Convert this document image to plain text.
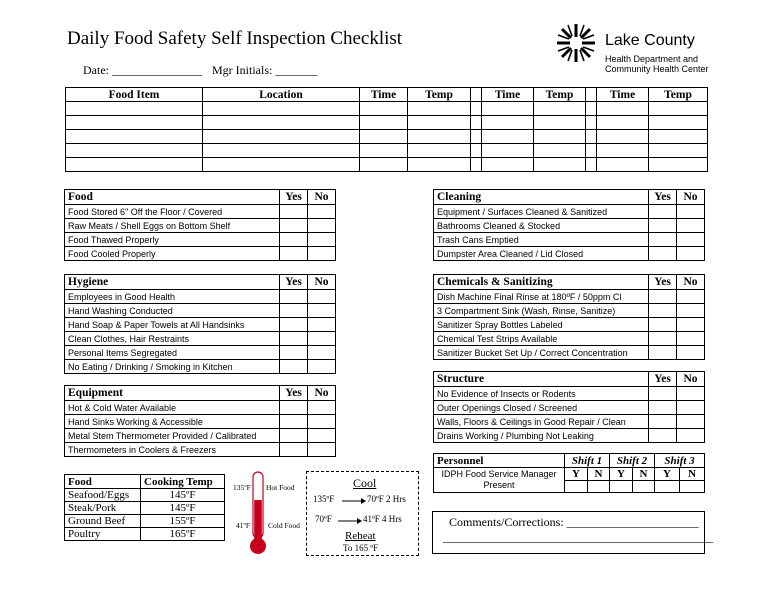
Daily Food Safety Self Inspection Checklist
Date: _______________ Mgr Initials: _______
Lake County
Health Department and
Community Health Center
Food Item	Location	Time	Temp		Time	Temp		Time	Temp

Food	Yes	No
Food Stored 6" Off the Floor / Covered		
Raw Meats / Shell Eggs on Bottom Shelf		
Food Thawed Properly		
Food Cooled Properly		
Hygiene	Yes	No
Employees in Good Health		
Hand Washing Conducted		
Hand Soap & Paper Towels at All Handsinks		
Clean Clothes, Hair Restraints		
Personal Items Segregated		
No Eating / Drinking / Smoking in Kitchen		
Equipment	Yes	No
Hot & Cold Water Available		
Hand Sinks Working & Accessible		
Metal Stem Thermometer Provided / Calibrated		
Thermometers in Coolers & Freezers		
Cleaning	Yes	No
Equipment / Surfaces Cleaned & Sanitized		
Bathrooms Cleaned & Stocked		
Trash Cans Emptied		
Dumpster Area Cleaned / Lid Closed		
Chemicals & Sanitizing	Yes	No
Dish Machine Final Rinse at 180ºF / 50ppm Cl		
3 Compartment Sink (Wash, Rinse, Sanitize)		
Sanitizer Spray Bottles Labeled		
Chemical Test Strips Available		
Sanitizer Bucket Set Up / Correct Concentration		
Structure	Yes	No
No Evidence of Insects or Rodents		
Outer Openings Closed / Screened		
Walls, Floors & Ceilings in Good Repair / Clean		
Drains Working / Plumbing Not Leaking		
Food	Cooking Temp
Seafood/Eggs	145ºF
Steak/Pork	145ºF
Ground Beef	155ºF
Poultry	165ºF
135ºF Hot Food
41ºF Cold Food
Cool
135ºF	70ºF 2 Hrs
70ºF	41ºF 4 Hrs
Reheat
To 165 ºF
Personnel	Shift 1		Shift 2		Shift 3	
IDPH Food Service Manager Present	Y	N	Y	N	Y	N

Comments/Corrections: ______________________
_____________________________________________
